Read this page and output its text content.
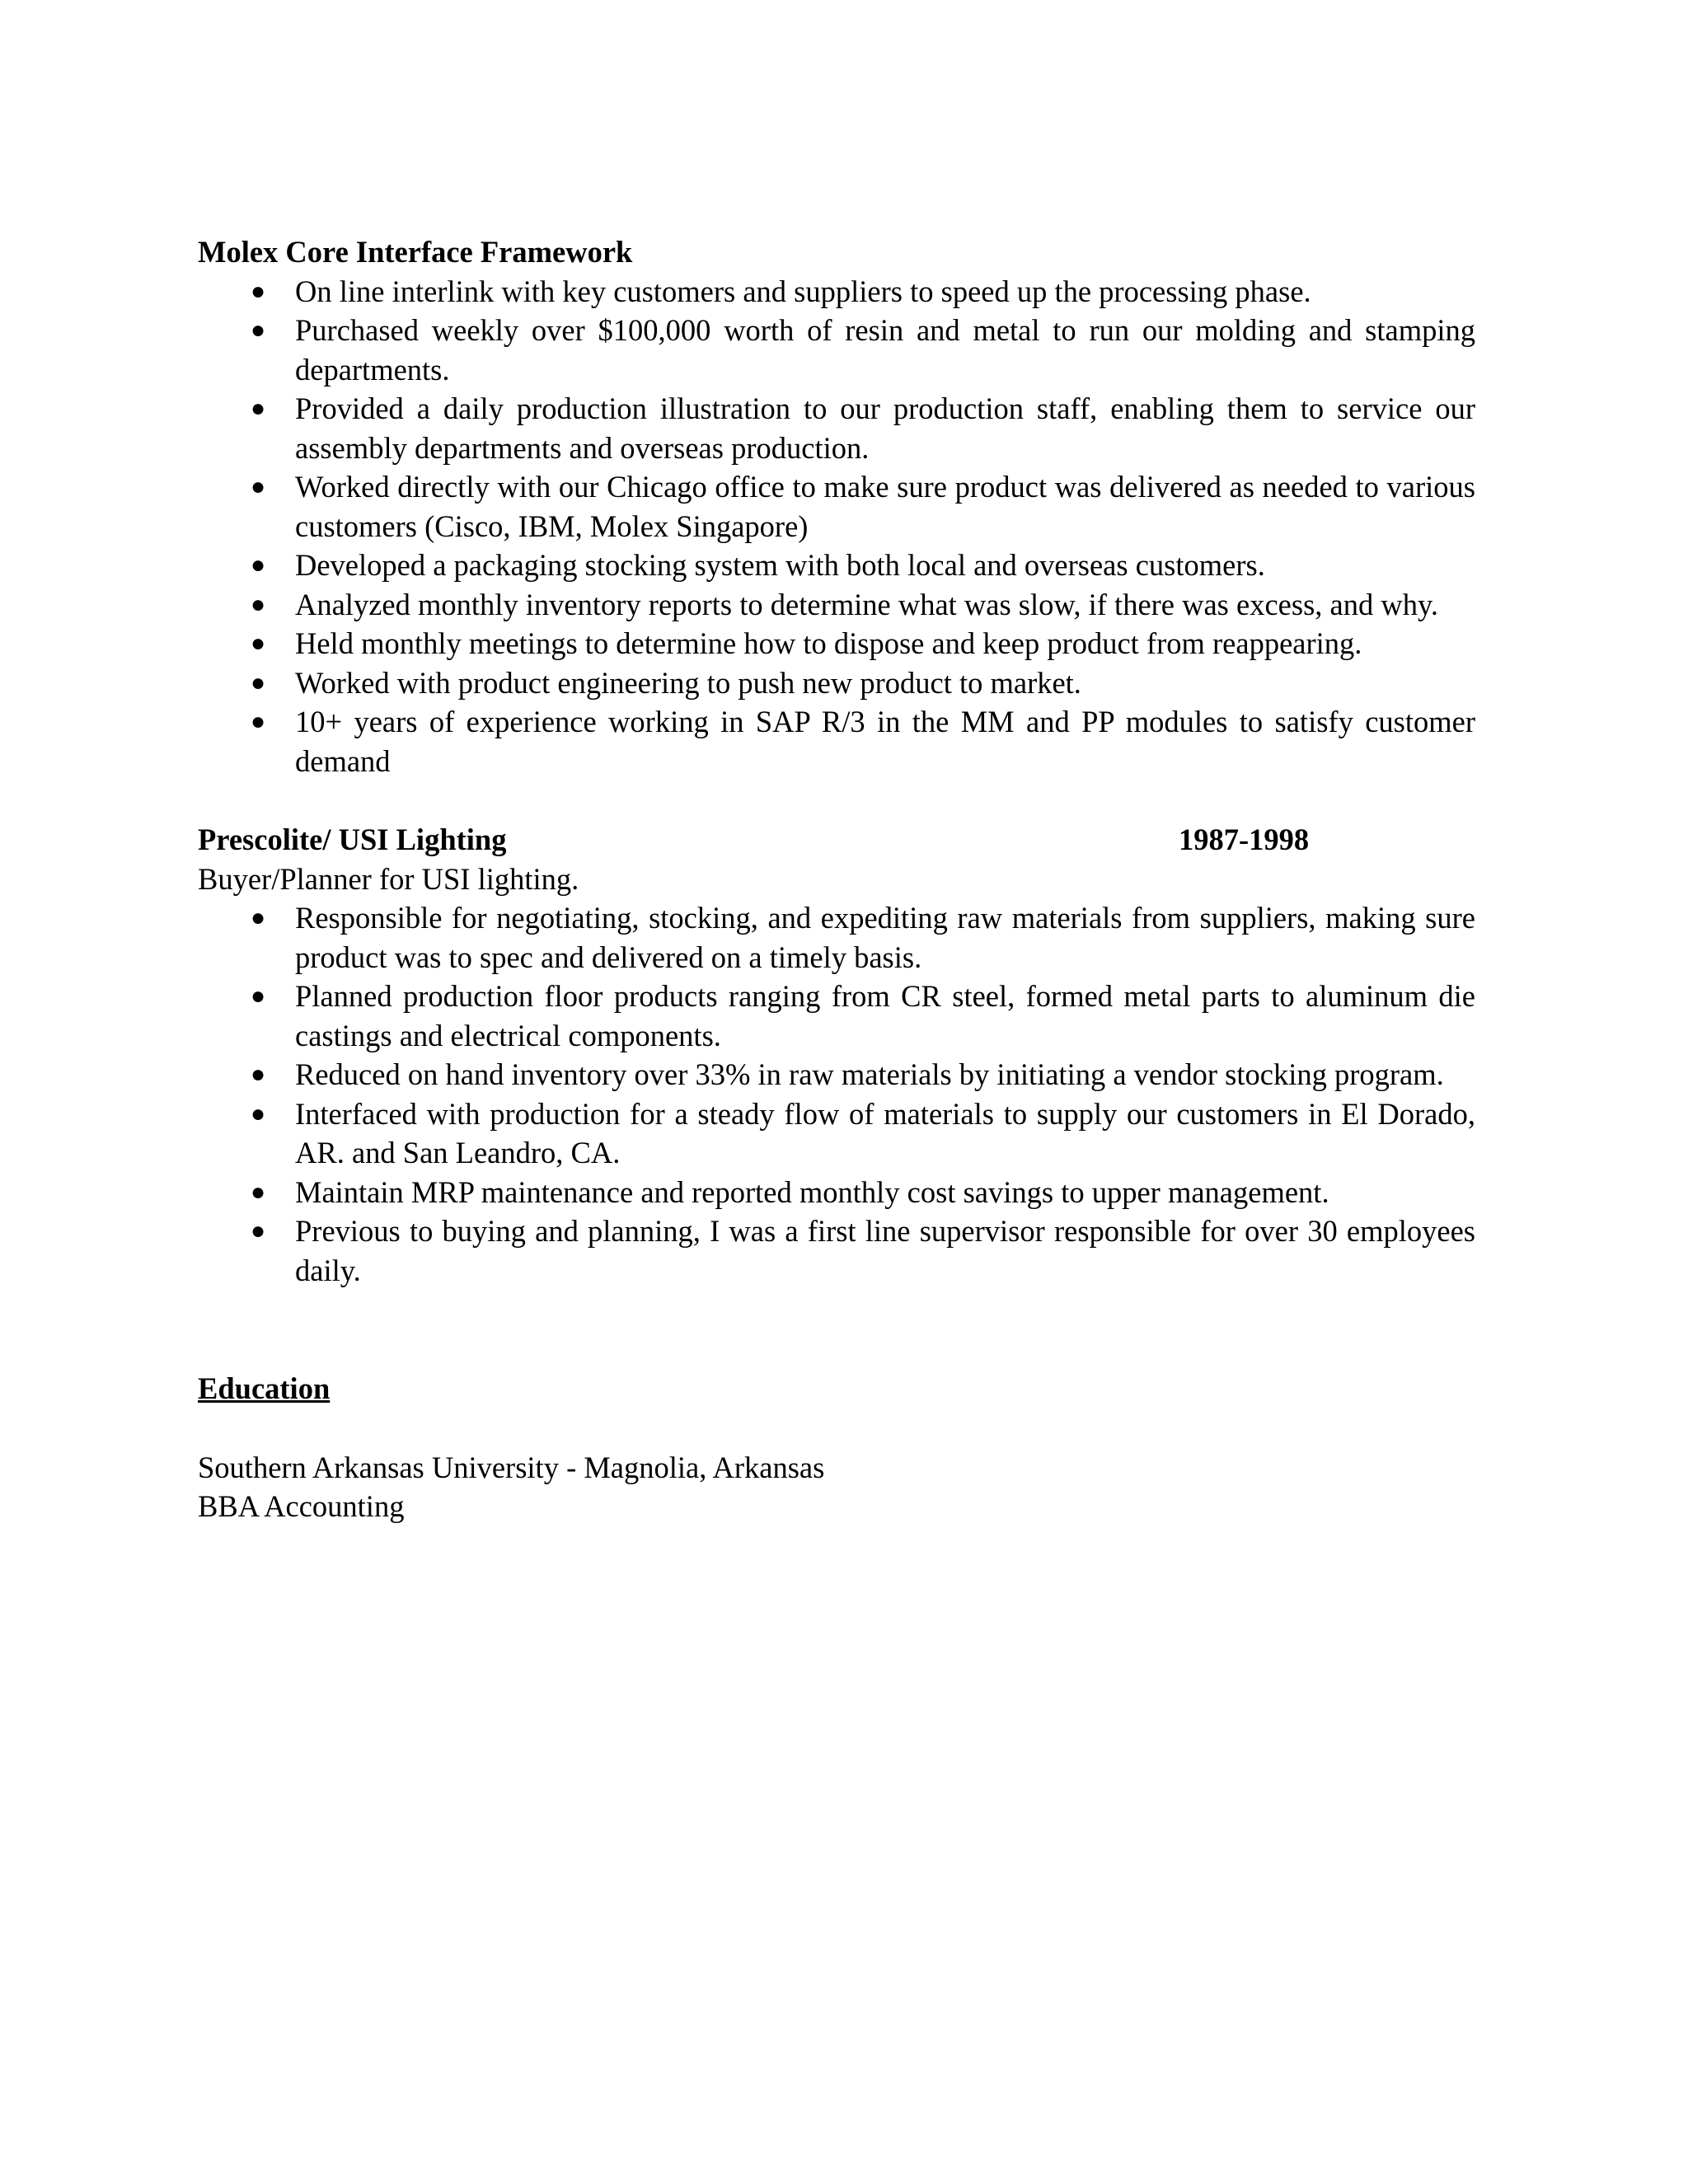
Molex Core Interface Framework

● On line interlink with key customers and suppliers to speed up the processing phase.
● Purchased weekly over $100,000 worth of resin and metal to run our molding and stamping departments.
● Provided a daily production illustration to our production staff, enabling them to service our assembly departments and overseas production.
● Worked directly with our Chicago office to make sure product was delivered as needed to various customers (Cisco, IBM, Molex Singapore)
● Developed a packaging stocking system with both local and overseas customers.
● Analyzed monthly inventory reports to determine what was slow, if there was excess, and why.
● Held monthly meetings to determine how to dispose and keep product from reappearing.
● Worked with product engineering to push new product to market.
● 10+ years of experience working in SAP R/3 in the MM and PP modules to satisfy customer demand
Prescolite/ USI Lighting	1987-1998

Buyer/Planner for USI lighting.

● Responsible for negotiating, stocking, and expediting raw materials from suppliers, making sure product was to spec and delivered on a timely basis.
● Planned production floor products ranging from CR steel, formed metal parts to aluminum die castings and electrical components.
● Reduced on hand inventory over 33% in raw materials by initiating a vendor stocking program.
● Interfaced with production for a steady flow of materials to supply our customers in El Dorado, AR. and San Leandro, CA.
● Maintain MRP maintenance and reported monthly cost savings to upper management.
● Previous to buying and planning, I was a first line supervisor responsible for over 30 employees daily.

Education

Southern Arkansas University - Magnolia, Arkansas

BBA Accounting
